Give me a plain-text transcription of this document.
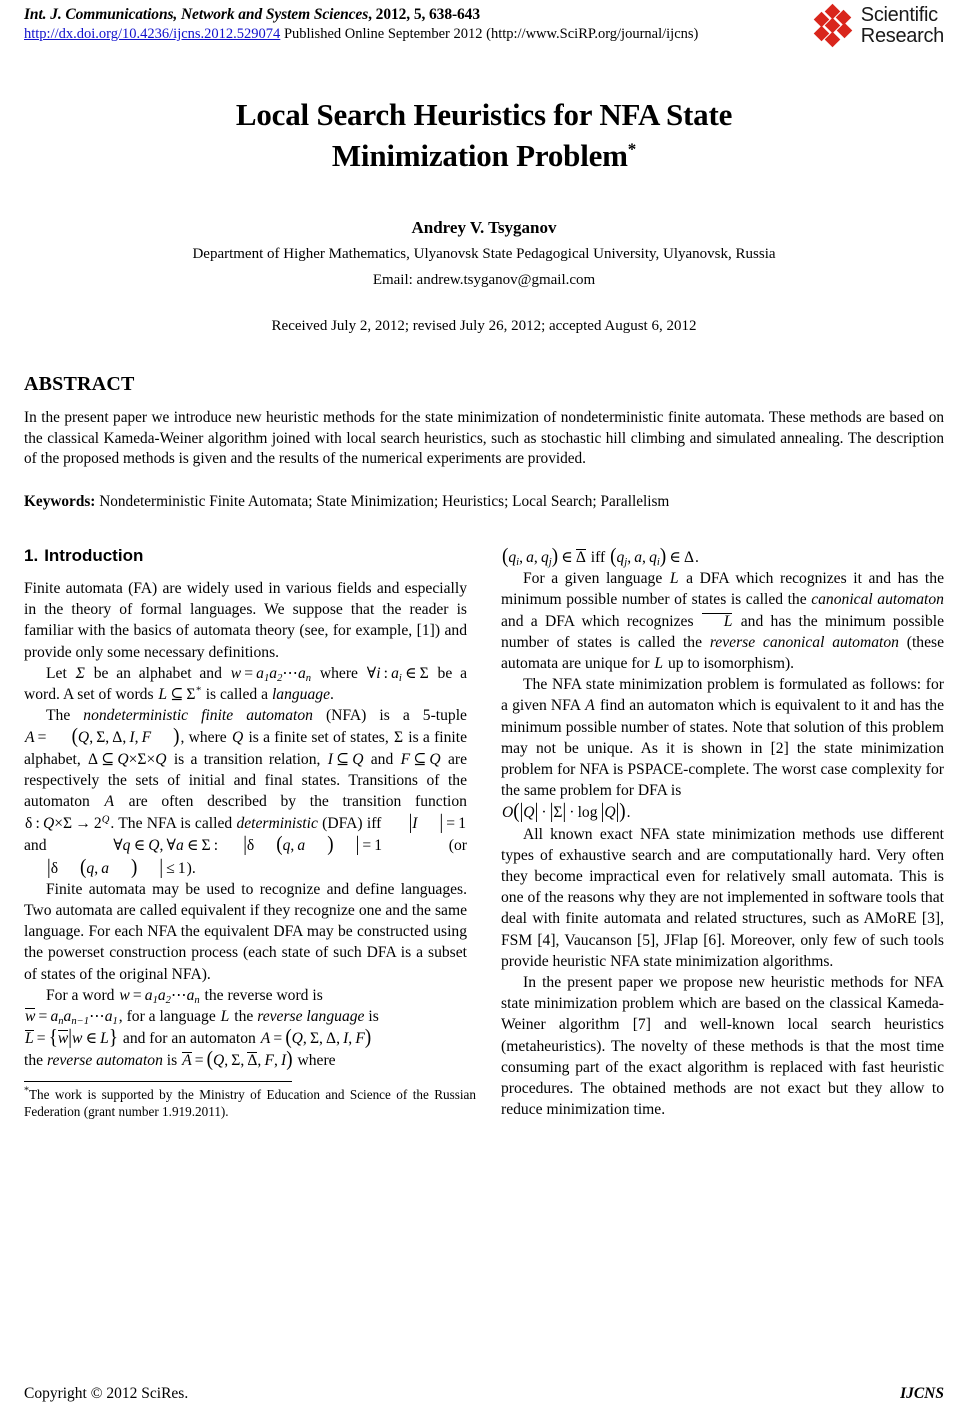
Int. J. Communications, Network and System Sciences, 2012, 5, 638-643
http://dx.doi.org/10.4236/ijcns.2012.529074 Published Online September 2012 (http://www.SciRP.org/journal/ijcns)
Scientific
Research
Local Search Heuristics for NFA State
Minimization Problem*
Andrey V. Tsyganov
Department of Higher Mathematics, Ulyanovsk State Pedagogical University, Ulyanovsk, Russia
Email: andrew.tsyganov@gmail.com
Received July 2, 2012; revised July 26, 2012; accepted August 6, 2012
ABSTRACT
In the present paper we introduce new heuristic methods for the state minimization of nondeterministic finite automata. These methods are based on the classical Kameda-Weiner algorithm joined with local search heuristics, such as stochastic hill climbing and simulated annealing. The description of the proposed methods is given and the results of the numerical experiments are provided.
Keywords: Nondeterministic Finite Automata; State Minimization; Heuristics; Local Search; Parallelism
1. Introduction

Finite automata (FA) are widely used in various fields and especially in the theory of formal languages. We suppose that the reader is familiar with the basics of automata theory (see, for example, [1]) and provide only some necessary definitions.

Let Σ be an alphabet and $w = a_1a_2\cdots a_n$ where ∀i : $a_i$ ∈ Σ be a word. A set of words L ⊆ Σ* is called a language.

The nondeterministic finite automaton (NFA) is a 5-tuple A = (Q, Σ, Δ, I, F ), where Q is a finite set of states, Σ is a finite alphabet, Δ ⊆ Q×Σ×Q is a transition relation, I ⊆ Q and F ⊆ Q are respectively the sets of initial and final states. Transitions of the automaton A are often described by the transition function δ : $Q\times\Sigma \to 2^Q$. The NFA is called deterministic (DFA) iff |I | = 1 and ∀q ∈ Q, ∀a ∈ Σ : |δ (q, a ) | = 1 (or |δ (q, a ) | ≤ 1).

Finite automata may be used to recognize and define languages. Two automata are called equivalent if they recognize one and the same language. For each NFA the equivalent DFA may be constructed using the powerset construction process (each state of such DFA is a subset of states of the original NFA).

For a word $w = a_1a_2\cdots a_n$ the reverse word is

$w = a_na_{n-1}\cdots a_1$, for a language L the reverse language is

L = {w|w ∈ L} and for an automaton A = (Q, Σ, Δ, I, F)

the reverse automaton is A = (Q, Σ, Δ, F, I) where

*The work is supported by the Ministry of Education and Science of the Russian Federation (grant number 1.919.2011).

($q_i$, a, $q_j$) ∈ Δ iff ($q_j$, a, $q_i$) ∈ Δ.

For a given language L a DFA which recognizes it and has the minimum possible number of states is called the canonical automaton and a DFA which recognizes L and has the minimum possible number of states is called the reverse canonical automaton (these automata are unique for L up to isomorphism).

The NFA state minimization problem is formulated as follows: for a given NFA A find an automaton which is equivalent to it and has the minimum possible number of states. Note that solution of this problem may not be unique. As it is shown in [2] the state minimization problem for NFA is PSPACE-complete. The worst case complexity for the same problem for DFA is

O(|Q| · |Σ| · log |Q|).

All known exact NFA state minimization methods use different types of exhaustive search and are computationally hard. Very often they become impractical even for relatively small automata. This is one of the reasons why they are not implemented in software tools that deal with finite automata and related structures, such as AMoRE [3], FSM [4], Vaucanson [5], JFlap [6]. Moreover, only few of such tools provide heuristic NFA state minimization algorithms.

In the present paper we propose new heuristic methods for NFA state minimization problem which are based on the classical Kameda-Weiner algorithm [7] and well-known local search heuristics (metaheuristics). The novelty of these methods is that the most time consuming part of the exact algorithm is replaced with fast heuristic procedures. The obtained methods are not exact but they allow to reduce minimization time.

Copyright © 2012 SciRes.	IJCNS
